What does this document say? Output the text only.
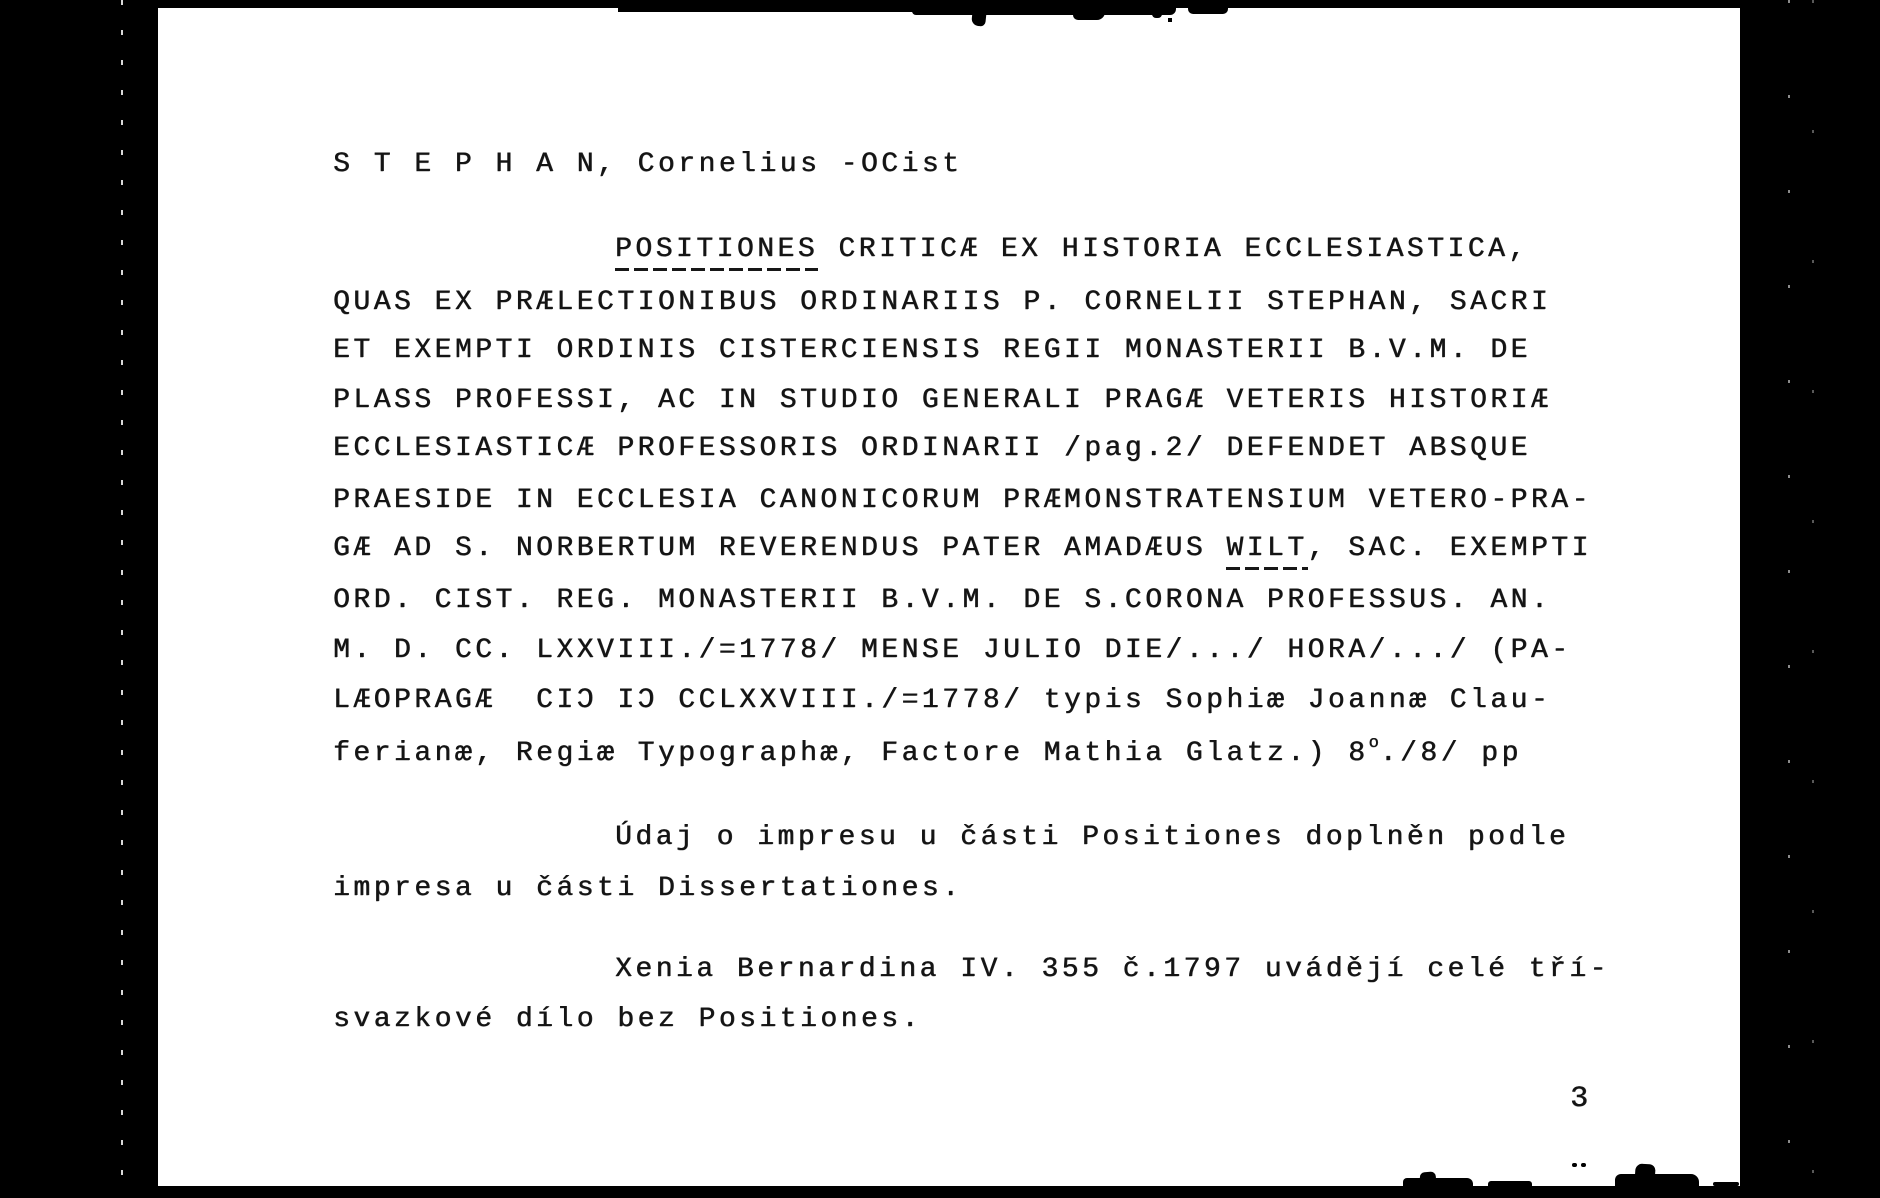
S T E P H A N, Cornelius -OCist
POSITIONES CRITICÆ EX HISTORIA ECCLESIASTICA,
QUAS EX PRÆLECTIONIBUS ORDINARIIS P. CORNELII STEPHAN, SACRI
ET EXEMPTI ORDINIS CISTERCIENSIS REGII MONASTERII B.V.M. DE
PLASS PROFESSI, AC IN STUDIO GENERALI PRAGÆ VETERIS HISTORIÆ
ECCLESIASTICÆ PROFESSORIS ORDINARII /pag.2/ DEFENDET ABSQUE
PRAESIDE IN ECCLESIA CANONICORUM PRÆMONSTRATENSIUM VETERO-PRA-
GÆ AD S. NORBERTUM REVERENDUS PATER AMADÆUS WILT, SAC. EXEMPTI
ORD. CIST. REG. MONASTERII B.V.M. DE S.CORONA PROFESSUS. AN.
M. D. CC. LXXVIII./=1778/ MENSE JULIO DIE/.../ HORA/.../ (PA-
LÆOPRAGÆ  CIƆ IƆ CCLXXVIII./=1778/ typis Sophiæ Joannæ Clau-
ferianæ, Regiæ Typographæ, Factore Mathia Glatz.) 8$^o$./8/ pp
Údaj o impresu u části Positiones doplněn podle
impresa u části Dissertationes.
Xenia Bernardina IV. 355 č.1797 uvádějí celé tří-
svazkové dílo bez Positiones.
3
